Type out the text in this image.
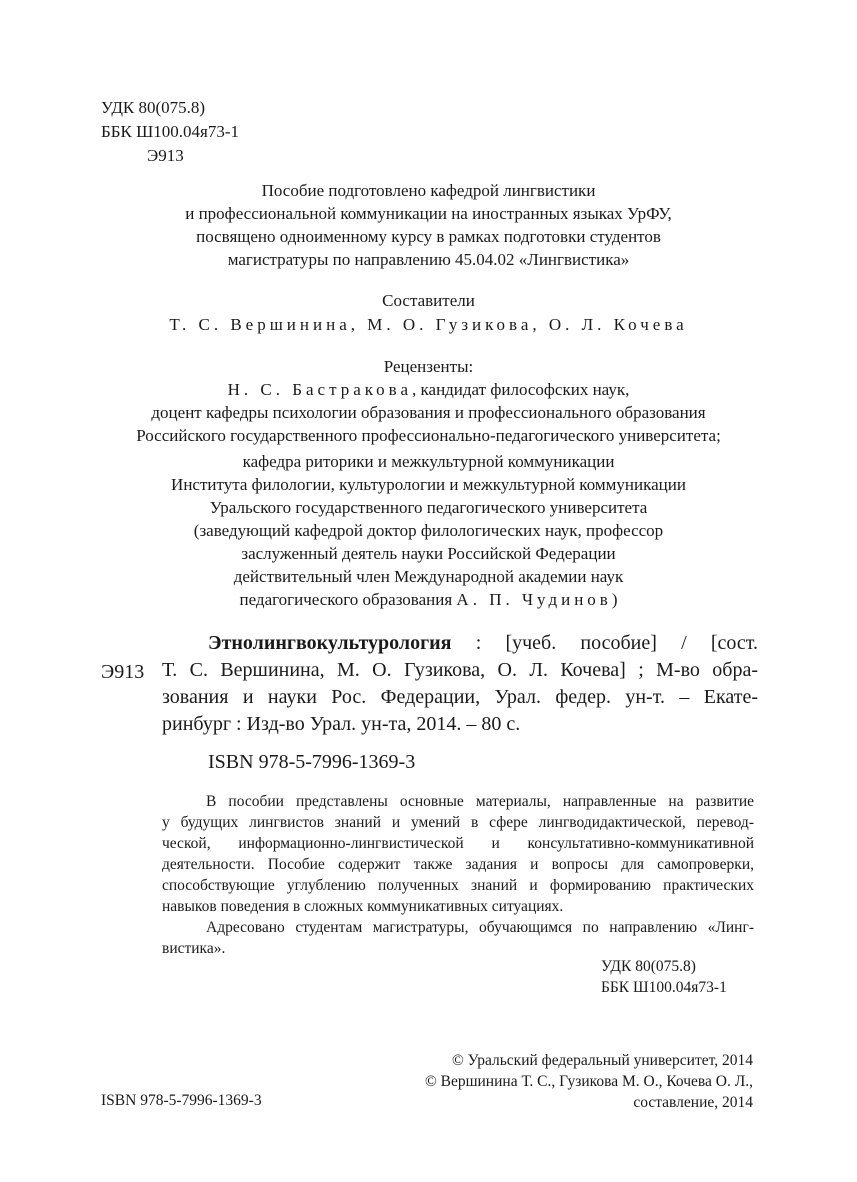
УДК 80(075.8)
ББК Ш100.04я73-1
Э913
Пособие подготовлено кафедрой лингвистики
и профессиональной коммуникации на иностранных языках УрФУ,
посвящено одноименному курсу в рамках подготовки студентов
магистратуры по направлению 45.04.02 «Лингвистика»
Составители
Т. С. Вершинина, М. О. Гузикова, О. Л. Кочева
Рецензенты:
Н. С. Бастракова, кандидат философских наук,
доцент кафедры психологии образования и профессионального образования
Российского государственного профессионально-педагогического университета;
кафедра риторики и межкультурной коммуникации
Института филологии, культурологии и межкультурной коммуникации
Уральского государственного педагогического университета
(заведующий кафедрой доктор филологических наук, профессор
заслуженный деятель науки Российской Федерации
действительный член Международной академии наук
педагогического образования А. П. Чудинов)
Э913
Этнолингвокультурология : [учеб. пособие] / [сост.
Т. С. Вершинина, М. О. Гузикова, О. Л. Кочева] ; М-во обра-
зования и науки Рос. Федерации, Урал. федер. ун-т. – Екате-
ринбург : Изд-во Урал. ун-та, 2014. – 80 с.
ISBN 978-5-7996-1369-3
В пособии представлены основные материалы, направленные на развитие
у будущих лингвистов знаний и умений в сфере лингводидактической, перевод-
ческой, информационно-лингвистической и консультативно-коммуникативной
деятельности. Пособие содержит также задания и вопросы для самопроверки,
способствующие углублению полученных знаний и формированию практических
навыков поведения в сложных коммуникативных ситуациях.
Адресовано студентам магистратуры, обучающимся по направлению «Линг-
вистика».
УДК 80(075.8)
ББК Ш100.04я73-1
© Уральский федеральный университет, 2014
© Вершинина Т. С., Гузикова М. О., Кочева О. Л.,
составление, 2014
ISBN 978-5-7996-1369-3
